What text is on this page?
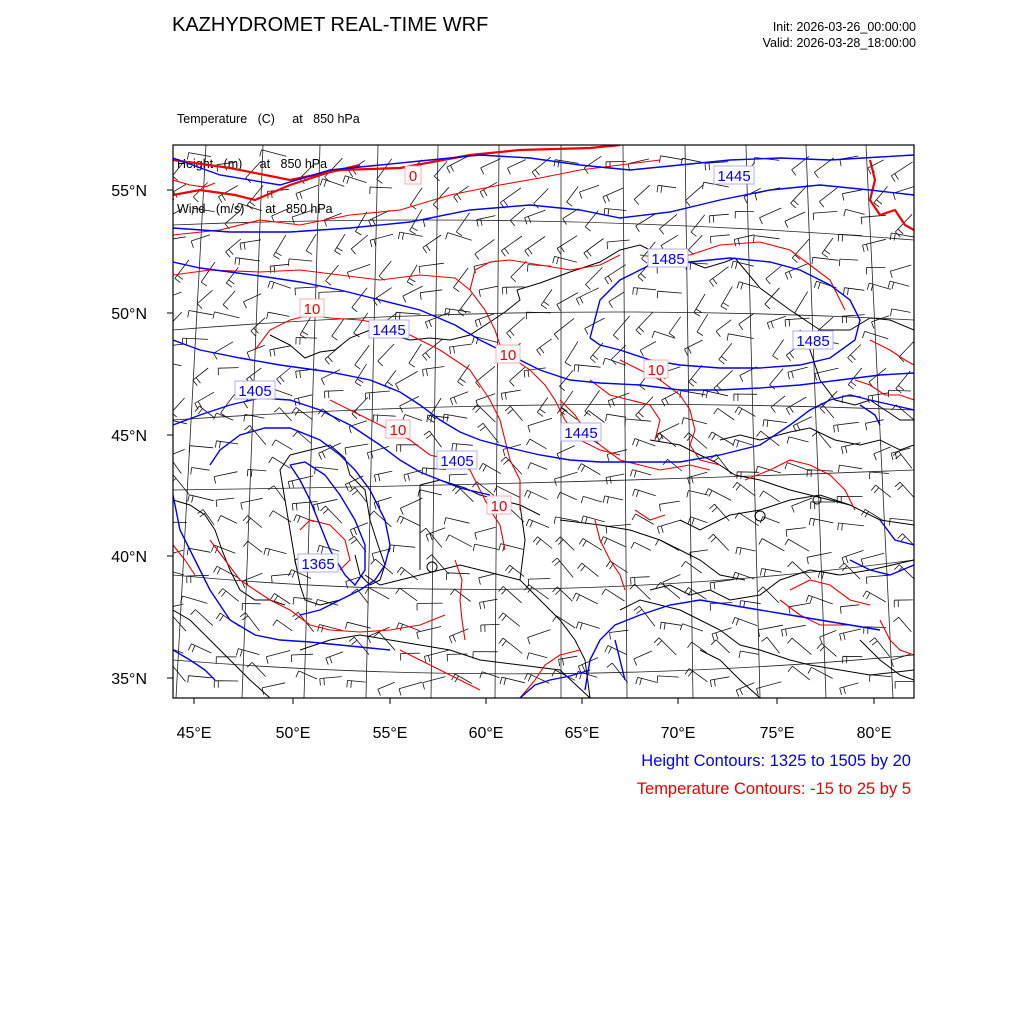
KAZHYDROMET REAL-TIME WRF	Init: 2026-03-26_00:00:00
Valid: 2026-03-28_18:00:00

Temperature   (C)     at   850 hPa

Height   (m)     at   850 hPa

Wind   (m/s)      at   850 hPa

55°N
50°N
45°N
40°N
35°N
45°E	50°E	55°E	60°E	65°E	70°E	75°E	80°E
1445
1485
1445
1485
1405
1445
1405
1365
0
10
10
10
10
10
Height Contours: 1325 to 1505 by 20
Temperature Contours: -15 to 25 by 5
